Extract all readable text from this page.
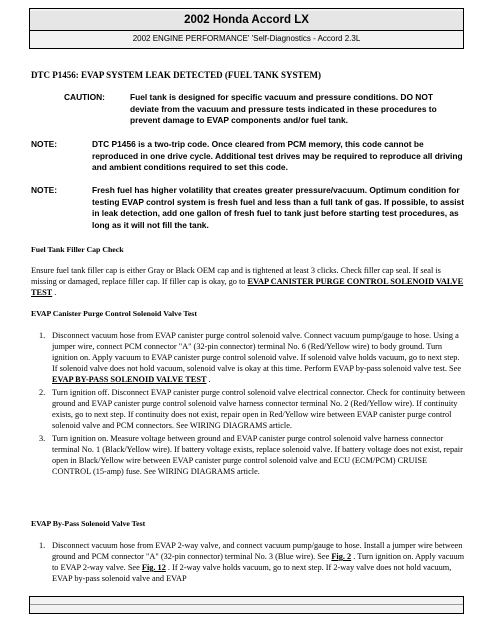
2002 Honda Accord LX
2002 ENGINE PERFORMANCE' 'Self-Diagnostics - Accord 2.3L
DTC P1456: EVAP SYSTEM LEAK DETECTED (FUEL TANK SYSTEM)
CAUTION:	Fuel tank is designed for specific vacuum and pressure conditions. DO NOT deviate from the vacuum and pressure tests indicated in these procedures to prevent damage to EVAP components and/or fuel tank.
NOTE:	DTC P1456 is a two-trip code. Once cleared from PCM memory, this code cannot be reproduced in one drive cycle. Additional test drives may be required to reproduce all driving and ambient conditions required to set this code.
NOTE:	Fresh fuel has higher volatility that creates greater pressure/vacuum. Optimum condition for testing EVAP control system is fresh fuel and less than a full tank of gas. If possible, to assist in leak detection, add one gallon of fresh fuel to tank just before starting test procedures, as long as it will not fill the tank.
Fuel Tank Filler Cap Check
Ensure fuel tank filler cap is either Gray or Black OEM cap and is tightened at least 3 clicks. Check filler cap seal. If seal is missing or damaged, replace filler cap. If filler cap is okay, go to EVAP CANISTER PURGE CONTROL SOLENOID VALVE TEST .
EVAP Canister Purge Control Solenoid Valve Test
1. Disconnect vacuum hose from EVAP canister purge control solenoid valve. Connect vacuum pump/gauge to hose. Using a jumper wire, connect PCM connector "A" (32-pin connector) terminal No. 6 (Red/Yellow wire) to body ground. Turn ignition on. Apply vacuum to EVAP canister purge control solenoid valve. If solenoid valve holds vacuum, go to next step. If solenoid valve does not hold vacuum, solenoid valve is okay at this time. Perform EVAP by-pass solenoid valve test. See EVAP BY-PASS SOLENOID VALVE TEST .
2. Turn ignition off. Disconnect EVAP canister purge control solenoid valve electrical connector. Check for continuity between ground and EVAP canister purge control solenoid valve harness connector terminal No. 2 (Red/Yellow wire). If continuity exists, go to next step. If continuity does not exist, repair open in Red/Yellow wire between EVAP canister purge control solenoid valve and PCM connectors. See WIRING DIAGRAMS article.
3. Turn ignition on. Measure voltage between ground and EVAP canister purge control solenoid valve harness connector terminal No. 1 (Black/Yellow wire). If battery voltage exists, replace solenoid valve. If battery voltage does not exist, repair open in Black/Yellow wire between EVAP canister purge control solenoid valve and ECU (ECM/PCM) CRUISE CONTROL (15-amp) fuse. See WIRING DIAGRAMS article.
EVAP By-Pass Solenoid Valve Test
1. Disconnect vacuum hose from EVAP 2-way valve, and connect vacuum pump/gauge to hose. Install a jumper wire between ground and PCM connector "A" (32-pin connector) terminal No. 3 (Blue wire). See Fig. 2 . Turn ignition on. Apply vacuum to EVAP 2-way valve. See Fig. 12 . If 2-way valve holds vacuum, go to next step. If 2-way valve does not hold vacuum, EVAP by-pass solenoid valve and EVAP
